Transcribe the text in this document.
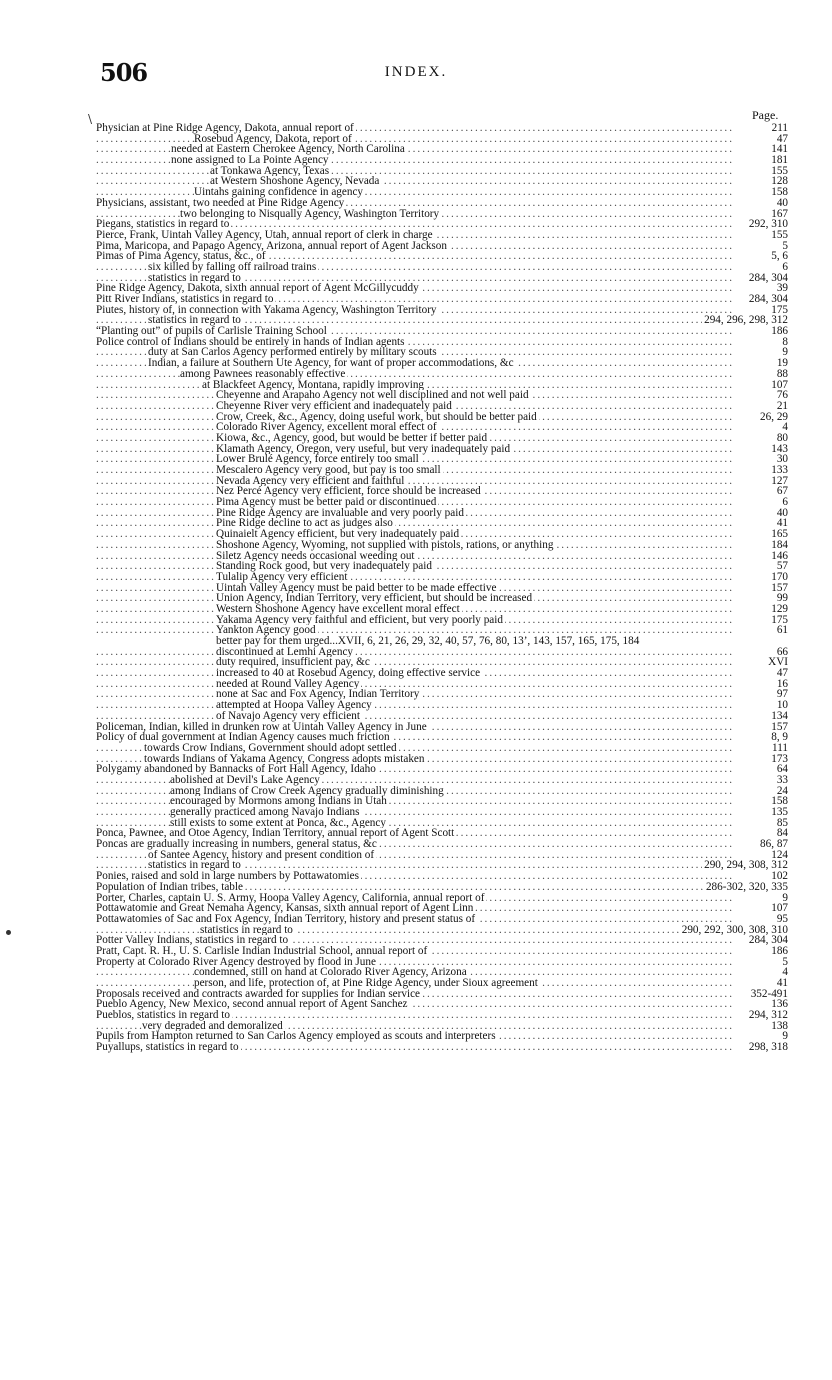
506	INDEX.
Page.
\
.....
Physician at Pine Ridge Agency, Dakota, annual report of	211
.....
Rosebud Agency, Dakota, report of	47
.....
needed at Eastern Cherokee Agency, North Carolina	141
.....
none assigned to La Pointe Agency	181
.....
at Tonkawa Agency, Texas	155
.....
at Western Shoshone Agency, Nevada	128
.....
Uintahs gaining confidence in agency	158
.....
Physicians, assistant, two needed at Pine Ridge Agency	40
.....
two belonging to Nisqually Agency, Washington Territory	167
.....
Piegans, statistics in regard to	292, 310
.....
Pierce, Frank, Uintah Valley Agency, Utah, annual report of clerk in charge	155
.....
Pima, Maricopa, and Papago Agency, Arizona, annual report of Agent Jackson	5
.....
Pimas of Pima Agency, status, &c., of	5, 6
.....
six killed by falling off railroad trains	6
.....
statistics in regard to	284, 304
.....
Pine Ridge Agency, Dakota, sixth annual report of Agent McGillycuddy	39
.....
Pitt River Indians, statistics in regard to	284, 304
.....
Piutes, history of, in connection with Yakama Agency, Washington Territory	175
.....
statistics in regard to	294, 296, 298, 312
.....
“Planting out” of pupils of Carlisle Training School	186
.....
Police control of Indians should be entirely in hands of Indian agents	8
.....
duty at San Carlos Agency performed entirely by military scouts	9
.....
Indian, a failure at Southern Ute Agency, for want of proper accommodations, &c	19
.....
among Pawnees reasonably effective	88
.....
at Blackfeet Agency, Montana, rapidly improving	107
.....
Cheyenne and Arapaho Agency not well disciplined and not well paid	76
.....
Cheyenne River very efficient and inadequately paid	21
.....
Crow, Creek, &c., Agency, doing useful work, but should be better paid	26, 29
.....
Colorado River Agency, excellent moral effect of	4
.....
Kiowa, &c., Agency, good, but would be better if better paid	80
.....
Klamath Agency, Oregon, very useful, but very inadequately paid	143
.....
Lower Brulé Agency, force entirely too small	30
.....
Mescalero Agency very good, but pay is too small	133
.....
Nevada Agency very efficient and faithful	127
.....
Nez Percé Agency very efficient, force should be increased	67
.....
Pima Agency must be better paid or discontinued	6
.....
Pine Ridge Agency are invaluable and very poorly paid	40
.....
Pine Ridge decline to act as judges also	41
.....
Quinaielt Agency efficient, but very inadequately paid	165
.....
Shoshone Agency, Wyoming, not supplied with pistols, rations, or anything	184
.....
Siletz Agency needs occasional weeding out	146
.....
Standing Rock good, but very inadequately paid	57
.....
Tulalip Agency very efficient	170
.....
Uintah Valley Agency must be paid better to be made effective	157
.....
Union Agency, Indian Territory, very efficient, but should be increased	99
.....
Western Shoshone Agency have excellent moral effect	129
.....
Yakama Agency very faithful and efficient, but very poorly paid	175
.....
Yankton Agency good	61
better pay for them urged...XVII, 6, 21, 26, 29, 32, 40, 57, 76, 80, 13’, 143, 157, 165, 175, 184
.....
discontinued at Lemhi Agency	66
.....
duty required, insufficient pay, &c	XVI
.....
increased to 40 at Rosebud Agency, doing effective service	47
.....
needed at Round Valley Agency	16
.....
none at Sac and Fox Agency, Indian Territory	97
.....
attempted at Hoopa Valley Agency	10
.....
of Navajo Agency very efficient	134
.....
Policeman, Indian, killed in drunken row at Uintah Valley Agency in June	157
.....
Policy of dual government at Indian Agency causes much friction	8, 9
.....
towards Crow Indians, Government should adopt settled	111
.....
towards Indians of Yakama Agency, Congress adopts mistaken	173
.....
Polygamy abandoned by Bannacks of Fort Hall Agency, Idaho	64
.....
abolished at Devil's Lake Agency	33
.....
among Indians of Crow Creek Agency gradually diminishing	24
.....
encouraged by Mormons among Indians in Utah	158
.....
generally practiced among Navajo Indians	135
.....
still exists to some extent at Ponca, &c., Agency	85
.....
Ponca, Pawnee, and Otoe Agency, Indian Territory, annual report of Agent Scott	84
.....
Poncas are gradually increasing in numbers, general status, &c	86, 87
.....
of Santee Agency, history and present condition of	124
.....
statistics in regard to	290, 294, 308, 312
.....
Ponies, raised and sold in large numbers by Pottawatomies	102
.....
Population of Indian tribes, table	286-302, 320, 335
.....
Porter, Charles, captain U. S. Army, Hoopa Valley Agency, California, annual report of	9
.....
Pottawatomie and Great Nemaha Agency, Kansas, sixth annual report of Agent Linn	107
.....
Pottawatomies of Sac and Fox Agency, Indian Territory, history and present status of	95
.....
statistics in regard to	290, 292, 300, 308, 310
.....
Potter Valley Indians, statistics in regard to	284, 304
.....
Pratt, Capt. R. H., U. S. Carlisle Indian Industrial School, annual report of	186
.....
Property at Colorado River Agency destroyed by flood in June	5
.....
condemned, still on hand at Colorado River Agency, Arizona	4
.....
person, and life, protection of, at Pine Ridge Agency, under Sioux agreement	41
.....
Proposals received and contracts awarded for supplies for Indian service	352-491
.....
Pueblo Agency, New Mexico, second annual report of Agent Sanchez	136
.....
Pueblos, statistics in regard to	294, 312
.....
very degraded and demoralized	138
.....
Pupils from Hampton returned to San Carlos Agency employed as scouts and interpreters	9
.....
Puyallups, statistics in regard to	298, 318
